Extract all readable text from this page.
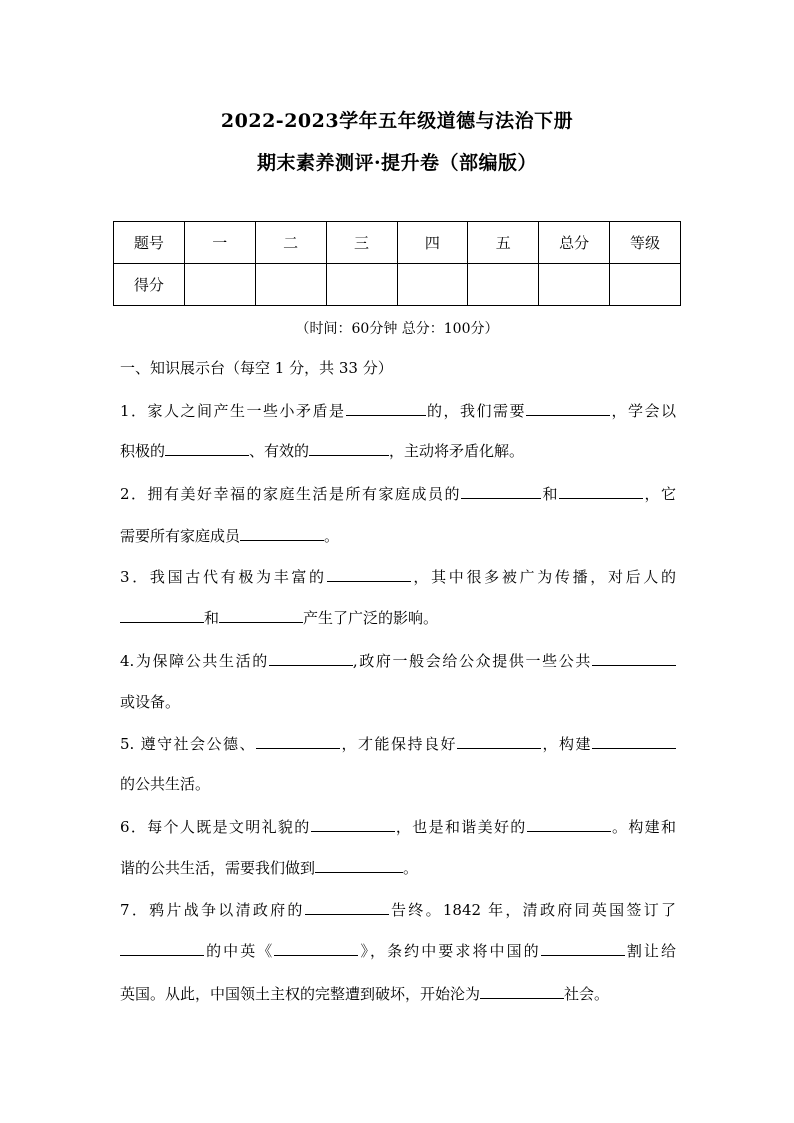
2022-2023学年五年级道德与法治下册
期末素养测评·提升卷（部编版）
题号	一	二	三	四	五	总分	等级
得分							
（时间：60分钟 总分：100分）
一、知识展示台（每空 1 分，共 33 分）
1．家人之间产生一些小矛盾是	的，我们需要	，学会以
积极的	、有效的	，主动将矛盾化解。
2．拥有美好幸福的家庭生活是所有家庭成员的	和	，它
需要所有家庭成员	。
3．我国古代有极为丰富的	，其中很多被广为传播，对后人的
和	产生了广泛的影响。
4.为保障公共生活的	,政府一般会给公众提供一些公共
或设备。
5. 遵守社会公德、	，才能保持良好	，构建
的公共生活。
6．每个人既是文明礼貌的	，也是和谐美好的	。构建和
谐的公共生活，需要我们做到	。
7．鸦片战争以清政府的	告终。1842 年，清政府同英国签订了
的中英《	》，条约中要求将中国的	割让给
英国。从此，中国领土主权的完整遭到破坏，开始沦为	社会。
